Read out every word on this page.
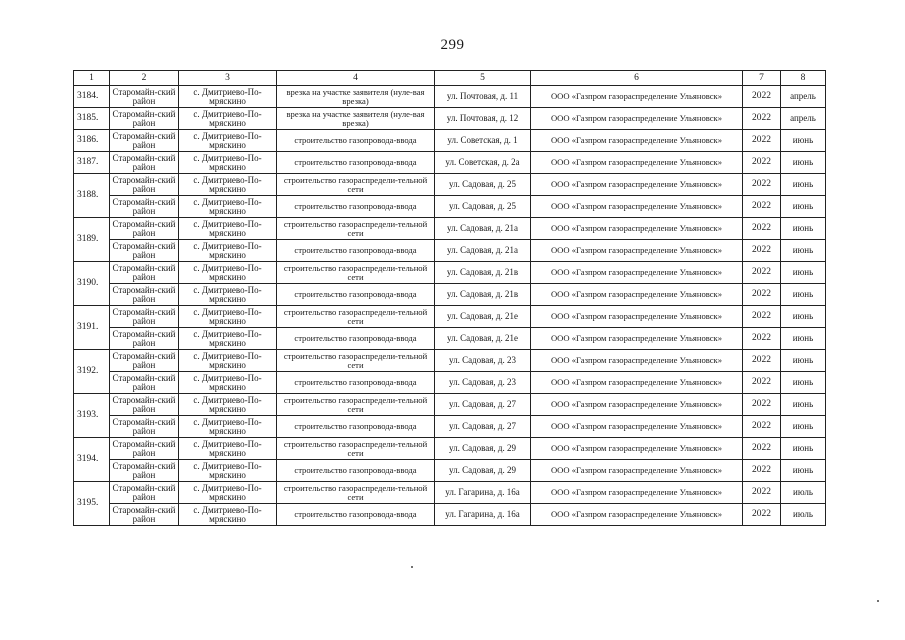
299
1	2	3	4	5	6	7	8
3184.	Старомайн-ский район	с. Дмитриево-По-мряскино	врезка на участке заявителя (нуле-вая врезка)	ул. Почтовая, д. 11	ООО «Газпром газораспределение Ульяновск»	2022	апрель
3185.	Старомайн-ский район	с. Дмитриево-По-мряскино	врезка на участке заявителя (нуле-вая врезка)	ул. Почтовая, д. 12	ООО «Газпром газораспределение Ульяновск»	2022	апрель
3186.	Старомайн-ский район	с. Дмитриево-По-мряскино	строительство газопровода-ввода	ул. Советская, д. 1	ООО «Газпром газораспределение Ульяновск»	2022	июнь
3187.	Старомайн-ский район	с. Дмитриево-По-мряскино	строительство газопровода-ввода	ул. Советская, д. 2а	ООО «Газпром газораспределение Ульяновск»	2022	июнь
3188.	Старомайн-ский район	с. Дмитриево-По-мряскино	строительство газораспредели-тельной сети	ул. Садовая, д. 25	ООО «Газпром газораспределение Ульяновск»	2022	июнь
	Старомайн-ский район	с. Дмитриево-По-мряскино	строительство газопровода-ввода	ул. Садовая, д. 25	ООО «Газпром газораспределение Ульяновск»	2022	июнь
3189.	Старомайн-ский район	с. Дмитриево-По-мряскино	строительство газораспредели-тельной сети	ул. Садовая, д. 21а	ООО «Газпром газораспределение Ульяновск»	2022	июнь
	Старомайн-ский район	с. Дмитриево-По-мряскино	строительство газопровода-ввода	ул. Садовая, д. 21а	ООО «Газпром газораспределение Ульяновск»	2022	июнь
3190.	Старомайн-ский район	с. Дмитриево-По-мряскино	строительство газораспредели-тельной сети	ул. Садовая, д. 21в	ООО «Газпром газораспределение Ульяновск»	2022	июнь
	Старомайн-ский район	с. Дмитриево-По-мряскино	строительство газопровода-ввода	ул. Садовая, д. 21в	ООО «Газпром газораспределение Ульяновск»	2022	июнь
3191.	Старомайн-ский район	с. Дмитриево-По-мряскино	строительство газораспредели-тельной сети	ул. Садовая, д. 21е	ООО «Газпром газораспределение Ульяновск»	2022	июнь
	Старомайн-ский район	с. Дмитриево-По-мряскино	строительство газопровода-ввода	ул. Садовая, д. 21е	ООО «Газпром газораспределение Ульяновск»	2022	июнь
3192.	Старомайн-ский район	с. Дмитриево-По-мряскино	строительство газораспредели-тельной сети	ул. Садовая, д. 23	ООО «Газпром газораспределение Ульяновск»	2022	июнь
	Старомайн-ский район	с. Дмитриево-По-мряскино	строительство газопровода-ввода	ул. Садовая, д. 23	ООО «Газпром газораспределение Ульяновск»	2022	июнь
3193.	Старомайн-ский район	с. Дмитриево-По-мряскино	строительство газораспредели-тельной сети	ул. Садовая, д. 27	ООО «Газпром газораспределение Ульяновск»	2022	июнь
	Старомайн-ский район	с. Дмитриево-По-мряскино	строительство газопровода-ввода	ул. Садовая, д. 27	ООО «Газпром газораспределение Ульяновск»	2022	июнь
3194.	Старомайн-ский район	с. Дмитриево-По-мряскино	строительство газораспредели-тельной сети	ул. Садовая, д. 29	ООО «Газпром газораспределение Ульяновск»	2022	июнь
	Старомайн-ский район	с. Дмитриево-По-мряскино	строительство газопровода-ввода	ул. Садовая, д. 29	ООО «Газпром газораспределение Ульяновск»	2022	июнь
3195.	Старомайн-ский район	с. Дмитриево-По-мряскино	строительство газораспредели-тельной сети	ул. Гагарина, д. 16а	ООО «Газпром газораспределение Ульяновск»	2022	июль
	Старомайн-ский район	с. Дмитриево-По-мряскино	строительство газопровода-ввода	ул. Гагарина, д. 16а	ООО «Газпром газораспределение Ульяновск»	2022	июль
